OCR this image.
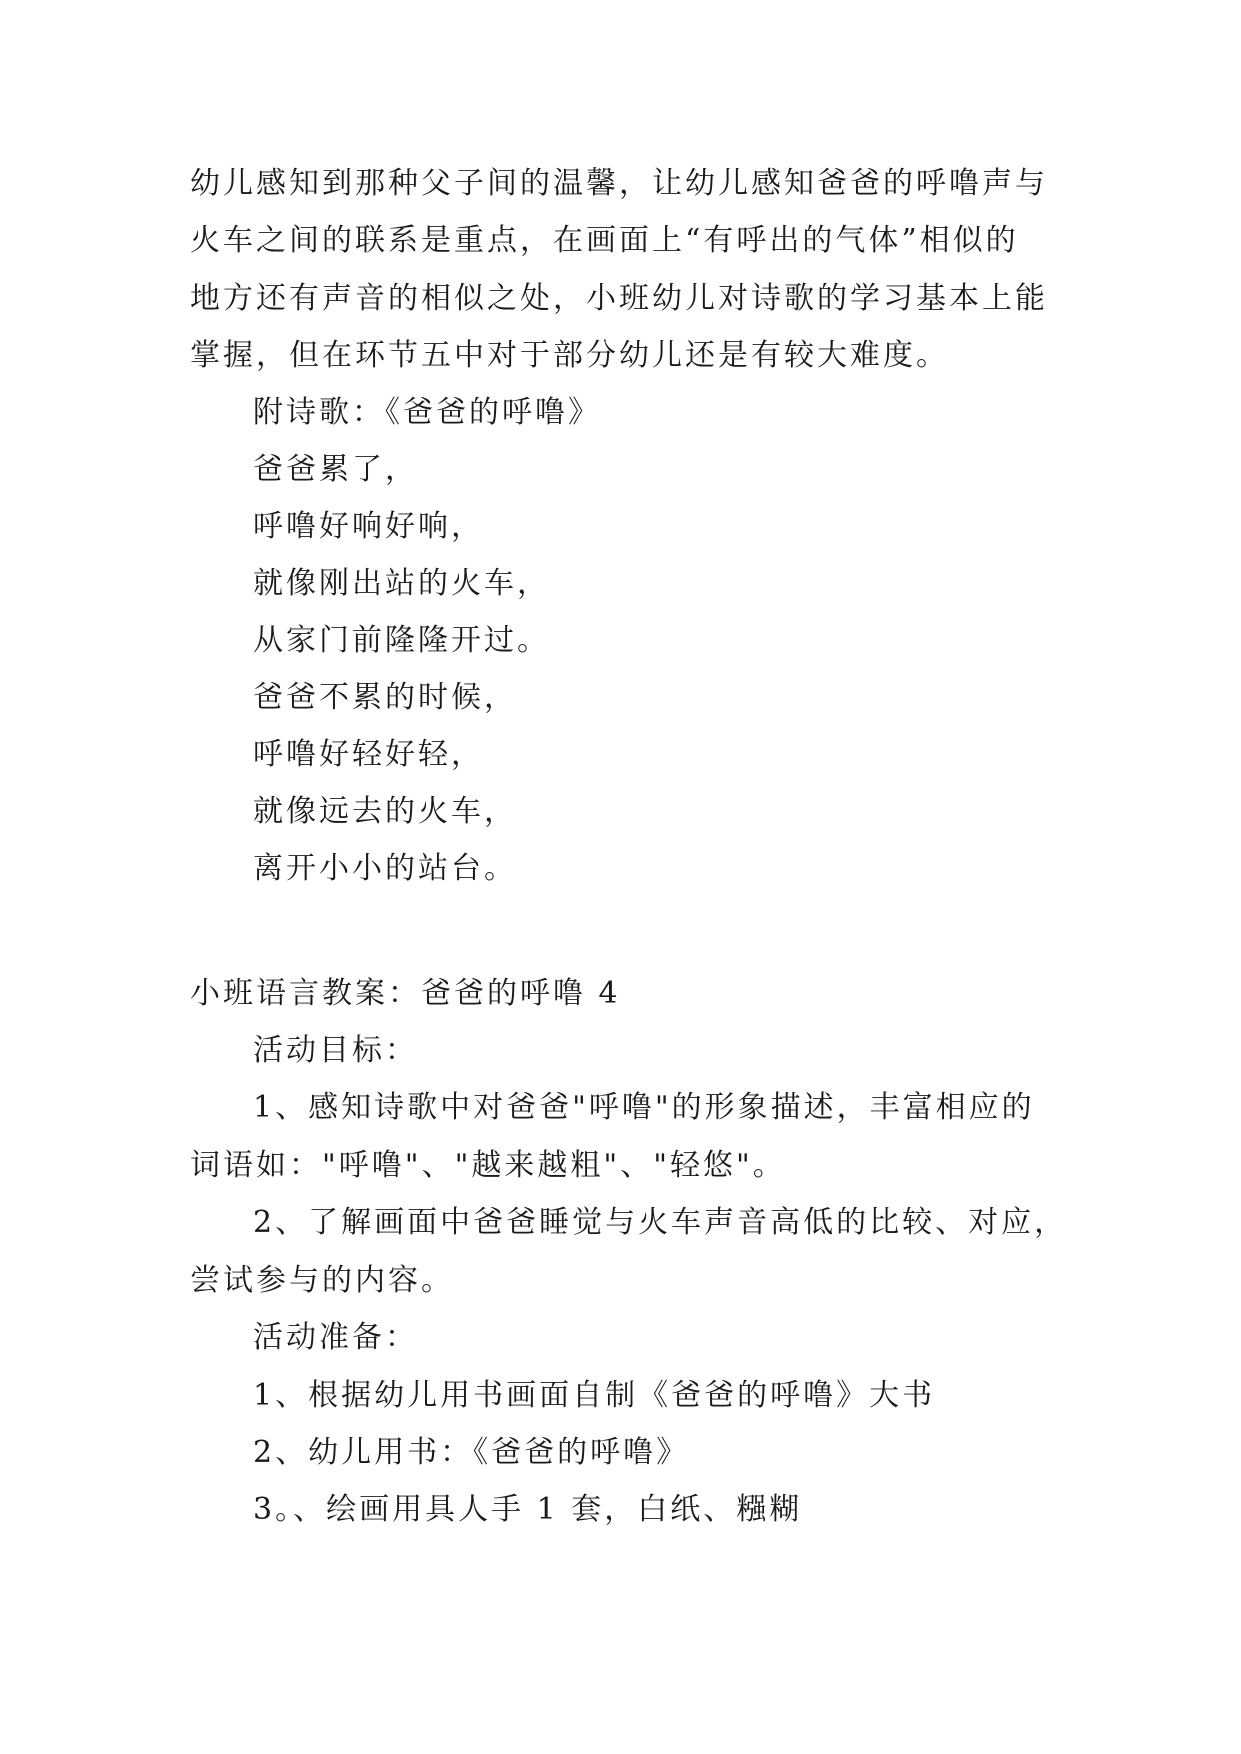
幼儿感知到那种父子间的温馨，让幼儿感知爸爸的呼噜声与
火车之间的联系是重点，在画面上“有呼出的气体”相似的
地方还有声音的相似之处，小班幼儿对诗歌的学习基本上能
掌握，但在环节五中对于部分幼儿还是有较大难度。
附诗歌：《爸爸的呼噜》
爸爸累了，
呼噜好响好响，
就像刚出站的火车，
从家门前隆隆开过。
爸爸不累的时候，
呼噜好轻好轻，
就像远去的火车，
离开小小的站台。
小班语言教案：爸爸的呼噜 4
活动目标：
1、感知诗歌中对爸爸"呼噜"的形象描述，丰富相应的
词语如："呼噜"、"越来越粗"、"轻悠"。
2、了解画面中爸爸睡觉与火车声音高低的比较、对应，
尝试参与的内容。
活动准备：
1、根据幼儿用书画面自制《爸爸的呼噜》大书
2、幼儿用书：《爸爸的呼噜》
3。、绘画用具人手 1 套，白纸、糨糊
